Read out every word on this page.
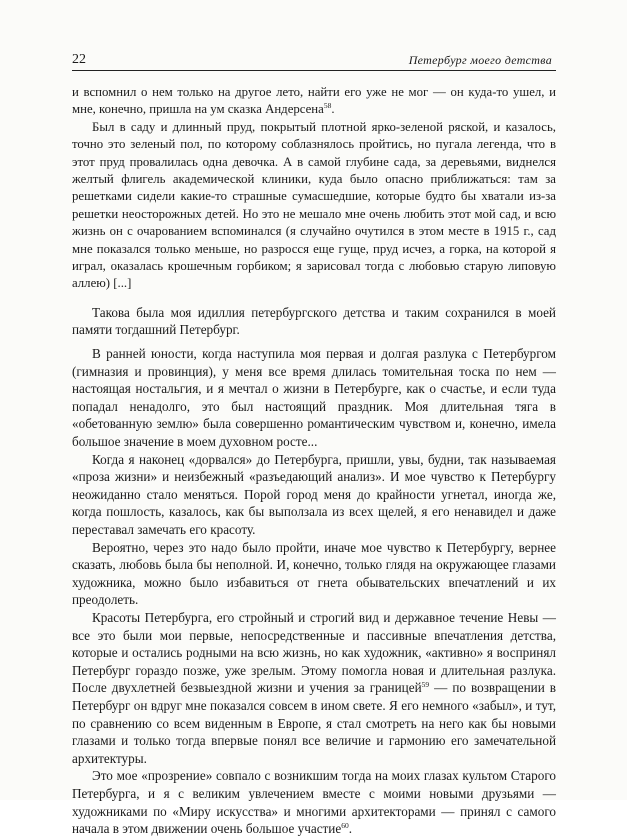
22	Петербург моего детства

и вспомнил о нем только на другое лето, найти его уже не мог — он куда-то ушел, и мне, конечно, пришла на ум сказка Андерсена$^{58}$.

Был в саду и длинный пруд, покрытый плотной ярко-зеленой ряской, и казалось, точно это зеленый пол, по которому соблазнялось пройтись, но пугала легенда, что в этот пруд провалилась одна девочка. А в самой глубине сада, за деревьями, виднелся желтый флигель академической клиники, куда было опасно приближаться: там за решетками сидели какие-то страшные сумасшедшие, которые будто бы хватали из-за решетки неосторожных детей. Но это не мешало мне очень любить этот мой сад, и всю жизнь он с очарованием вспоминался (я случайно очутился в этом месте в 1915 г., сад мне показался только меньше, но разросся еще гуще, пруд исчез, а горка, на которой я играл, оказалась крошечным горбиком; я зарисовал тогда с любовью старую липовую аллею) [...]

Такова была моя идиллия петербургского детства и таким сохранился в моей памяти тогдашний Петербург.

В ранней юности, когда наступила моя первая и долгая разлука с Петербургом (гимназия и провинция), у меня все время длилась томительная тоска по нем — настоящая ностальгия, и я мечтал о жизни в Петербурге, как о счастье, и если туда попадал ненадолго, это был настоящий праздник. Моя длительная тяга в «обетованную землю» была совершенно романтическим чувством и, конечно, имела большое значение в моем духовном росте...

Когда я наконец «дорвался» до Петербурга, пришли, увы, будни, так называемая «проза жизни» и неизбежный «разъедающий анализ». И мое чувство к Петербургу неожиданно стало меняться. Порой город меня до крайности угнетал, иногда же, когда пошлость, казалось, как бы выползала из всех щелей, я его ненавидел и даже переставал замечать его красоту.

Вероятно, через это надо было пройти, иначе мое чувство к Петербургу, вернее сказать, любовь была бы неполной. И, конечно, только глядя на окружающее глазами художника, можно было избавиться от гнета обывательских впечатлений и их преодолеть.

Красоты Петербурга, его стройный и строгий вид и державное течение Невы — все это были мои первые, непосредственные и пассивные впечатления детства, которые и остались родными на всю жизнь, но как художник, «активно» я воспринял Петербург гораздо позже, уже зрелым. Этому помогла новая и длительная разлука. После двухлетней безвыездной жизни и учения за границей$^{59}$ — по возвращении в Петербург он вдруг мне показался совсем в ином свете. Я его немного «забыл», и тут, по сравнению со всем виденным в Европе, я стал смотреть на него как бы новыми глазами и только тогда впервые понял все величие и гармонию его замечательной архитектуры.

Это мое «прозрение» совпало с возникшим тогда на моих глазах культом Старого Петербурга, и я с великим увлечением вместе с моими новыми друзьями — художниками по «Миру искусства» и многими архитекторами — принял с самого начала в этом движении очень большое участие$^{60}$.
